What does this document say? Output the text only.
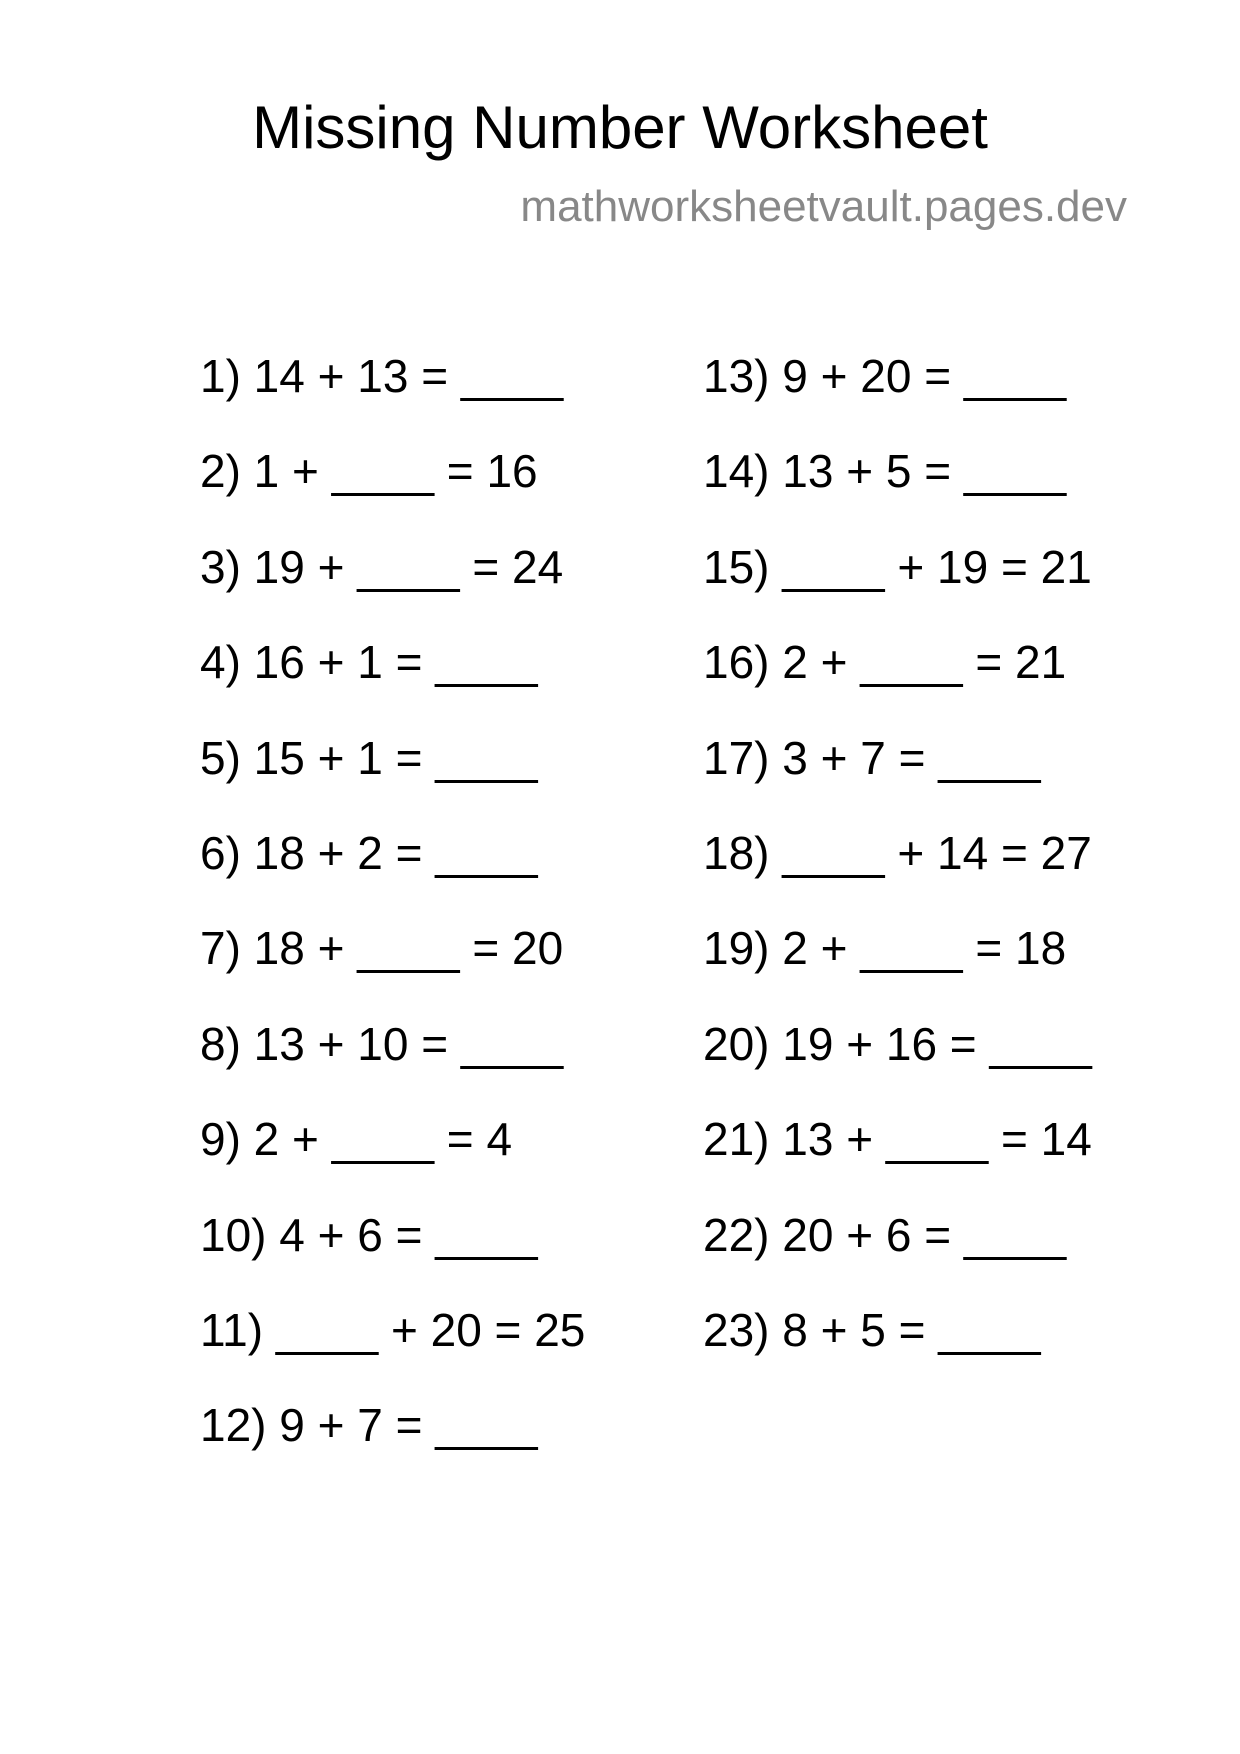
Missing Number Worksheet
mathworksheetvault.pages.dev
1) 14 + 13 = ____
2) 1 + ____ = 16
3) 19 + ____ = 24
4) 16 + 1 = ____
5) 15 + 1 = ____
6) 18 + 2 = ____
7) 18 + ____ = 20
8) 13 + 10 = ____
9) 2 + ____ = 4
10) 4 + 6 = ____
11) ____ + 20 = 25
12) 9 + 7 = ____
13) 9 + 20 = ____
14) 13 + 5 = ____
15) ____ + 19 = 21
16) 2 + ____ = 21
17) 3 + 7 = ____
18) ____ + 14 = 27
19) 2 + ____ = 18
20) 19 + 16 = ____
21) 13 + ____ = 14
22) 20 + 6 = ____
23) 8 + 5 = ____
